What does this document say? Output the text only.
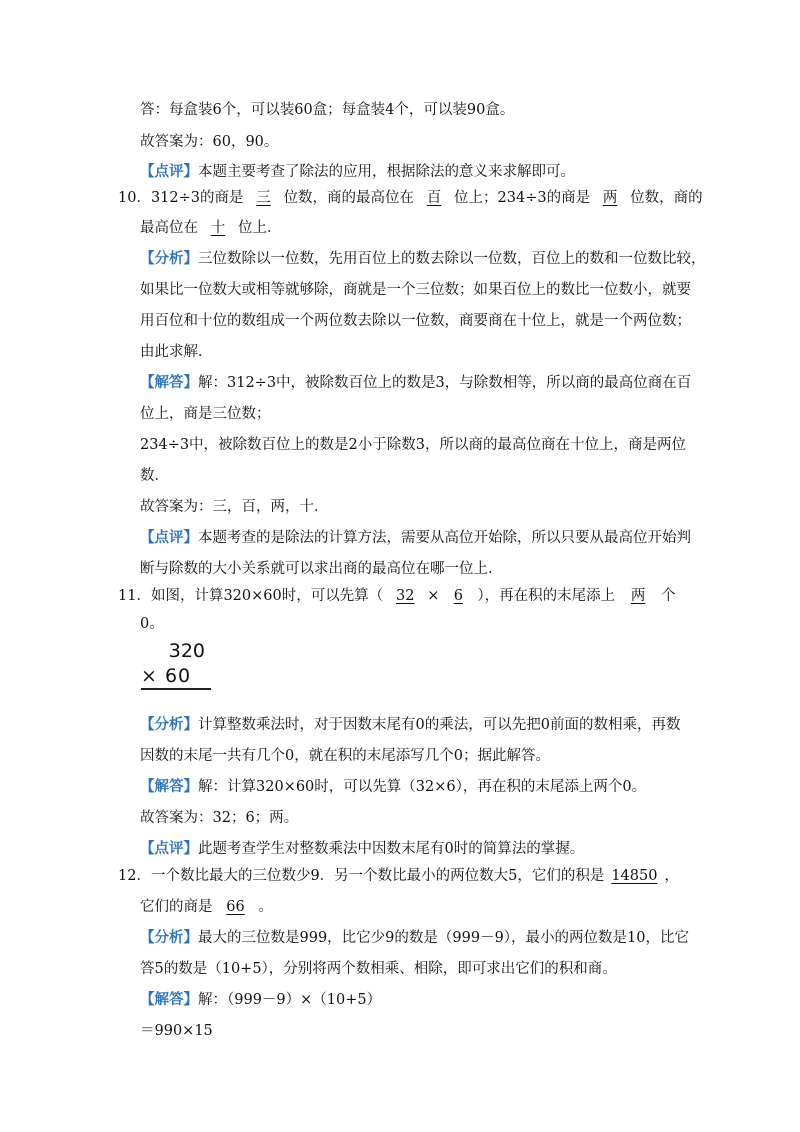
答：每盒装6个，可以装60盒；每盒装4个，可以装90盒。
故答案为：60，90。
【点评】本题主要考查了除法的应用，根据除法的意义来求解即可。
10．312÷3的商是 三 位数，商的最高位在 百 位上；234÷3的商是 两 位数，商的
最高位在 十 位上．
【分析】三位数除以一位数，先用百位上的数去除以一位数，百位上的数和一位数比较，
如果比一位数大或相等就够除，商就是一个三位数；如果百位上的数比一位数小，就要
用百位和十位的数组成一个两位数去除以一位数，商要商在十位上，就是一个两位数；
由此求解．
【解答】解：312÷3中，被除数百位上的数是3，与除数相等，所以商的最高位商在百
位上，商是三位数；
234÷3中，被除数百位上的数是2小于除数3，所以商的最高位商在十位上，商是两位
数．
故答案为：三，百，两，十．
【点评】本题考查的是除法的计算方法，需要从高位开始除，所以只要从最高位开始判
断与除数的大小关系就可以求出商的最高位在哪一位上．
11．如图，计算320×60时，可以先算（ 32 × 6 ），再在积的末尾添上 两 个
0。
320
× 60
【分析】计算整数乘法时，对于因数末尾有0的乘法，可以先把0前面的数相乘，再数
因数的末尾一共有几个0，就在积的末尾添写几个0；据此解答。
【解答】解：计算320×60时，可以先算（32×6），再在积的末尾添上两个0。
故答案为：32；6；两。
【点评】此题考查学生对整数乘法中因数末尾有0时的简算法的掌握。
12．一个数比最大的三位数少9．另一个数比最小的两位数大5，它们的积是 14850 ，
它们的商是 66 。
【分析】最大的三位数是999，比它少9的数是（999－9），最小的两位数是10，比它
答5的数是（10+5），分别将两个数相乘、相除，即可求出它们的积和商。
【解答】解：（999－9）×（10+5）
＝990×15
